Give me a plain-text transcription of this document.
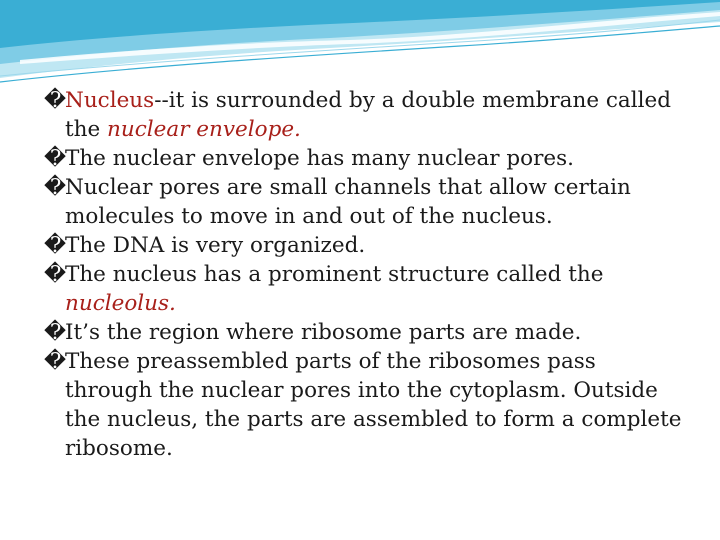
�
Nucleus--it is surrounded by a double membrane called the nuclear envelope.

�
The nuclear envelope has many nuclear pores.

�
Nuclear pores are small channels that allow certain molecules to move in and out of the nucleus.

�
The DNA is very organized.

�
The nucleus has a prominent structure called the nucleolus.

�
It’s the region where ribosome parts are made.

�
These preassembled parts of the ribosomes pass through the nuclear pores into the cytoplasm. Outside the nucleus, the parts are assembled to form a complete ribosome.
